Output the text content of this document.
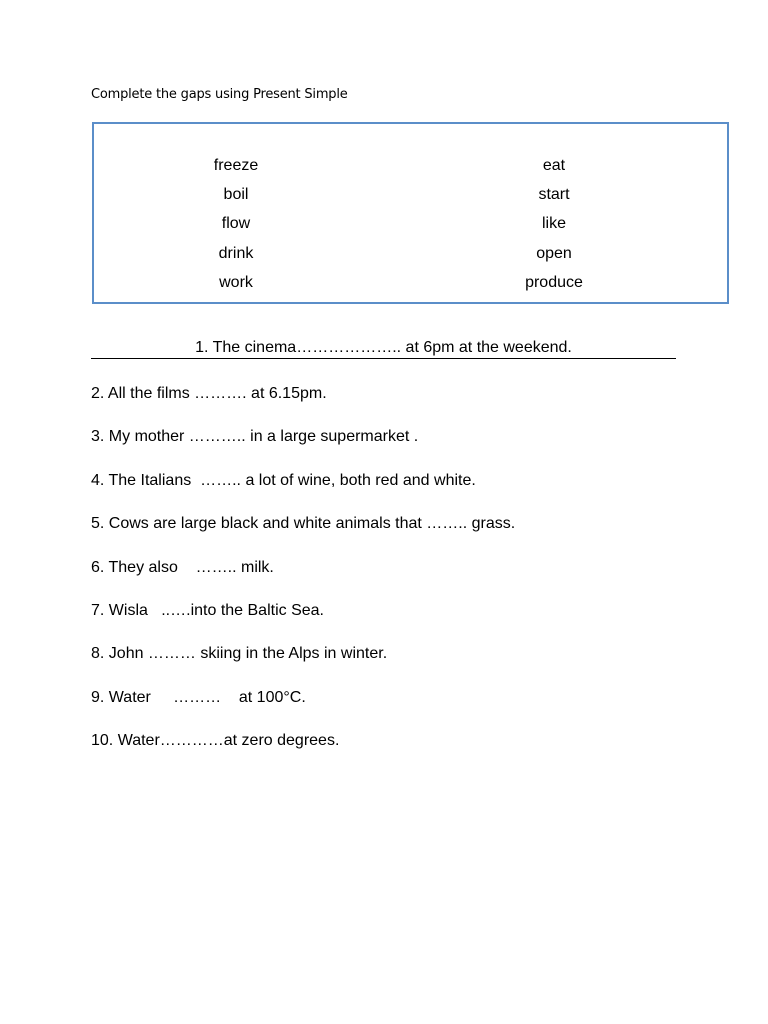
Complete the gaps using Present Simple
freeze
boil
flow
drink
work
eat
start
like
open
produce
1. The cinema……………….. at 6pm at the weekend.
2. All the films ………. at 6.15pm.
3. My mother ……….. in a large supermarket .
4. The Italians  …….. a lot of wine, both red and white.
5. Cows are large black and white animals that …….. grass.
6. They also    …….. milk.
7. Wisla   ..….into the Baltic Sea.
8. John ……… skiing in the Alps in winter.
9. Water     ………    at 100°C.
10. Water…………at zero degrees.
